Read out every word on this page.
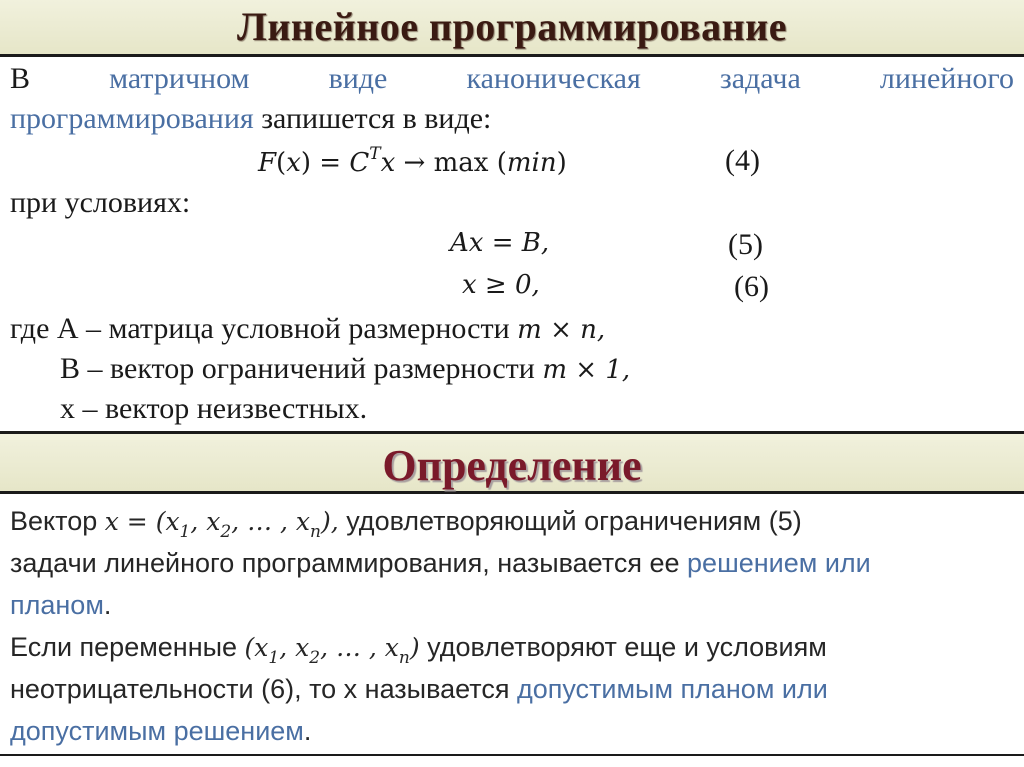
Линейное программирование
В	матричном	виде	каноническая	задача	линейного
программирования запишется в виде:
$F(x) = C^Tx \to \max (\min)$	(4)
при условиях:
Ax = B,	(5)
x ≥ 0,	(6)
где А – матрица условной размерности m × n,
В – вектор ограничений размерности m × 1,
х – вектор неизвестных.
Определение
Вектор $x = (x_1$, $x_2$, … , $x_n$), удовлетворяющий ограничениям (5)
задачи линейного программирования, называется ее решением или
планом.
Если переменные ($x_1$, $x_2$, … , $x_n$) удовлетворяют еще и условиям
неотрицательности (6), то х называется допустимым планом или
допустимым решением.
